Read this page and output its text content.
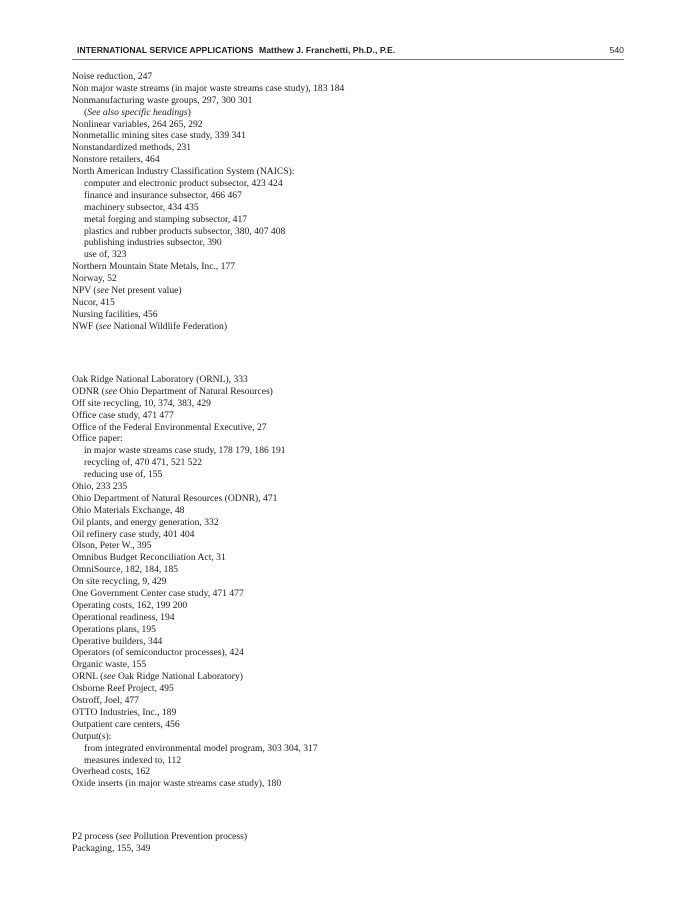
INTERNATIONAL SERVICE APPLICATIONS Matthew J. Franchetti, Ph.D., P.E.	540
Noise reduction, 247
Non major waste streams (in major waste streams case study), 183 184
Nonmanufacturing waste groups, 297, 300 301
(See also specific headings)
Nonlinear variables, 264 265, 292
Nonmetallic mining sites case study, 339 341
Nonstandardized methods, 231
Nonstore retailers, 464
North American Industry Classification System (NAICS):
computer and electronic product subsector, 423 424
finance and insurance subsector, 466 467
machinery subsector, 434 435
metal forging and stamping subsector, 417
plastics and rubber products subsector, 380, 407 408
publishing industries subsector, 390
use of, 323
Northern Mountain State Metals, Inc., 177
Norway, 52
NPV (see Net present value)
Nucor, 415
Nursing facilities, 456
NWF (see National Wildlife Federation)
Oak Ridge National Laboratory (ORNL), 333
ODNR (see Ohio Department of Natural Resources)
Off site recycling, 10, 374, 383, 429
Office case study, 471 477
Office of the Federal Environmental Executive, 27
Office paper:
in major waste streams case study, 178 179, 186 191
recycling of, 470 471, 521 522
reducing use of, 155
Ohio, 233 235
Ohio Department of Natural Resources (ODNR), 471
Ohio Materials Exchange, 48
Oil plants, and energy generation, 332
Oil refinery case study, 401 404
Olson, Peter W., 395
Omnibus Budget Reconciliation Act, 31
OmniSource, 182, 184, 185
On site recycling, 9, 429
One Government Center case study, 471 477
Operating costs, 162, 199 200
Operational readiness, 194
Operations plans, 195
Operative builders, 344
Operators (of semiconductor processes), 424
Organic waste, 155
ORNL (see Oak Ridge National Laboratory)
Osborne Reef Project, 495
Ostroff, Joel, 477
OTTO Industries, Inc., 189
Outpatient care centers, 456
Output(s):
from integrated environmental model program, 303 304, 317
measures indexed to, 112
Overhead costs, 162
Oxide inserts (in major waste streams case study), 180
P2 process (see Pollution Prevention process)
Packaging, 155, 349
